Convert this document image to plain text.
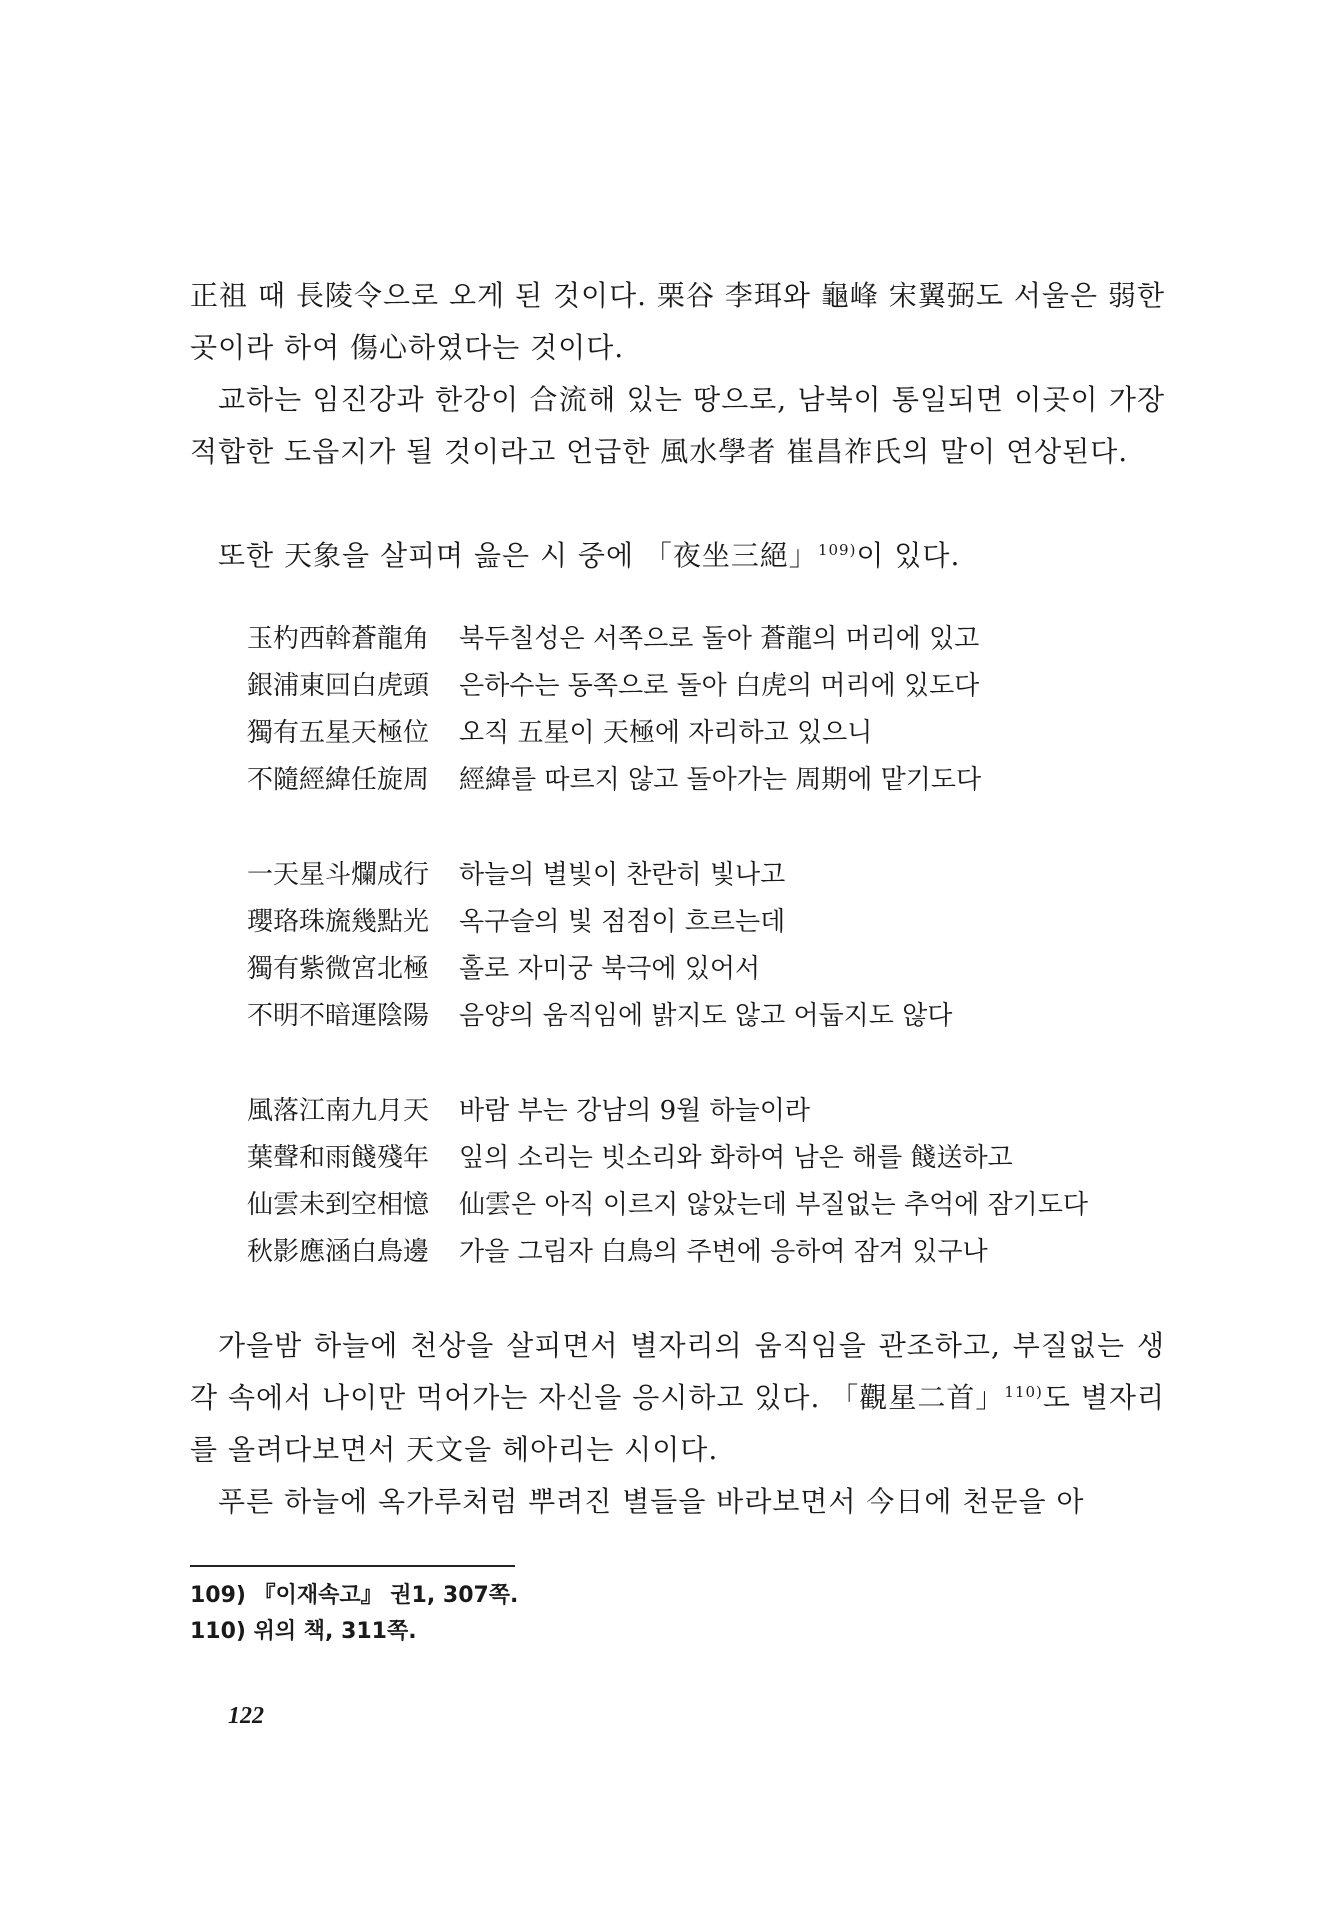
正祖 때 長陵令으로 오게 된 것이다. 栗谷 李珥와 龜峰 宋翼弼도 서울은 弱한 곳이라 하여 傷心하였다는 것이다.

교하는 임진강과 한강이 合流해 있는 땅으로, 남북이 통일되면 이곳이 가장 적합한 도읍지가 될 것이라고 언급한 風水學者 崔昌祚氏의 말이 연상된다.

또한 天象을 살피며 읊은 시 중에 「夜坐三絕」$^{109)}$이 있다.

玉杓西斡蒼龍角 북두칠성은 서쪽으로 돌아 蒼龍의 머리에 있고
銀浦東回白虎頭 은하수는 동쪽으로 돌아 白虎의 머리에 있도다
獨有五星天極位 오직 五星이 天極에 자리하고 있으니
不隨經緯任旋周 經緯를 따르지 않고 돌아가는 周期에 맡기도다
一天星斗爛成行 하늘의 별빛이 찬란히 빛나고
瓔珞珠旒幾點光 옥구슬의 빛 점점이 흐르는데
獨有紫微宮北極 홀로 자미궁 북극에 있어서
不明不暗運陰陽 음양의 움직임에 밝지도 않고 어둡지도 않다
風落江南九月天 바람 부는 강남의 9월 하늘이라
葉聲和雨餞殘年 잎의 소리는 빗소리와 화하여 남은 해를 餞送하고
仙雲未到空相憶 仙雲은 아직 이르지 않았는데 부질없는 추억에 잠기도다
秋影應涵白鳥邊 가을 그림자 白鳥의 주변에 응하여 잠겨 있구나

가을밤 하늘에 천상을 살피면서 별자리의 움직임을 관조하고, 부질없는 생각 속에서 나이만 먹어가는 자신을 응시하고 있다. 「觀星二首」$^{110)}$도 별자리를 올려다보면서 天文을 헤아리는 시이다.

푸른 하늘에 옥가루처럼 뿌려진 별들을 바라보면서 今日에 천문을 아

109) 『이재속고』 권1, 307쪽.
110) 위의 책, 311쪽.
122
